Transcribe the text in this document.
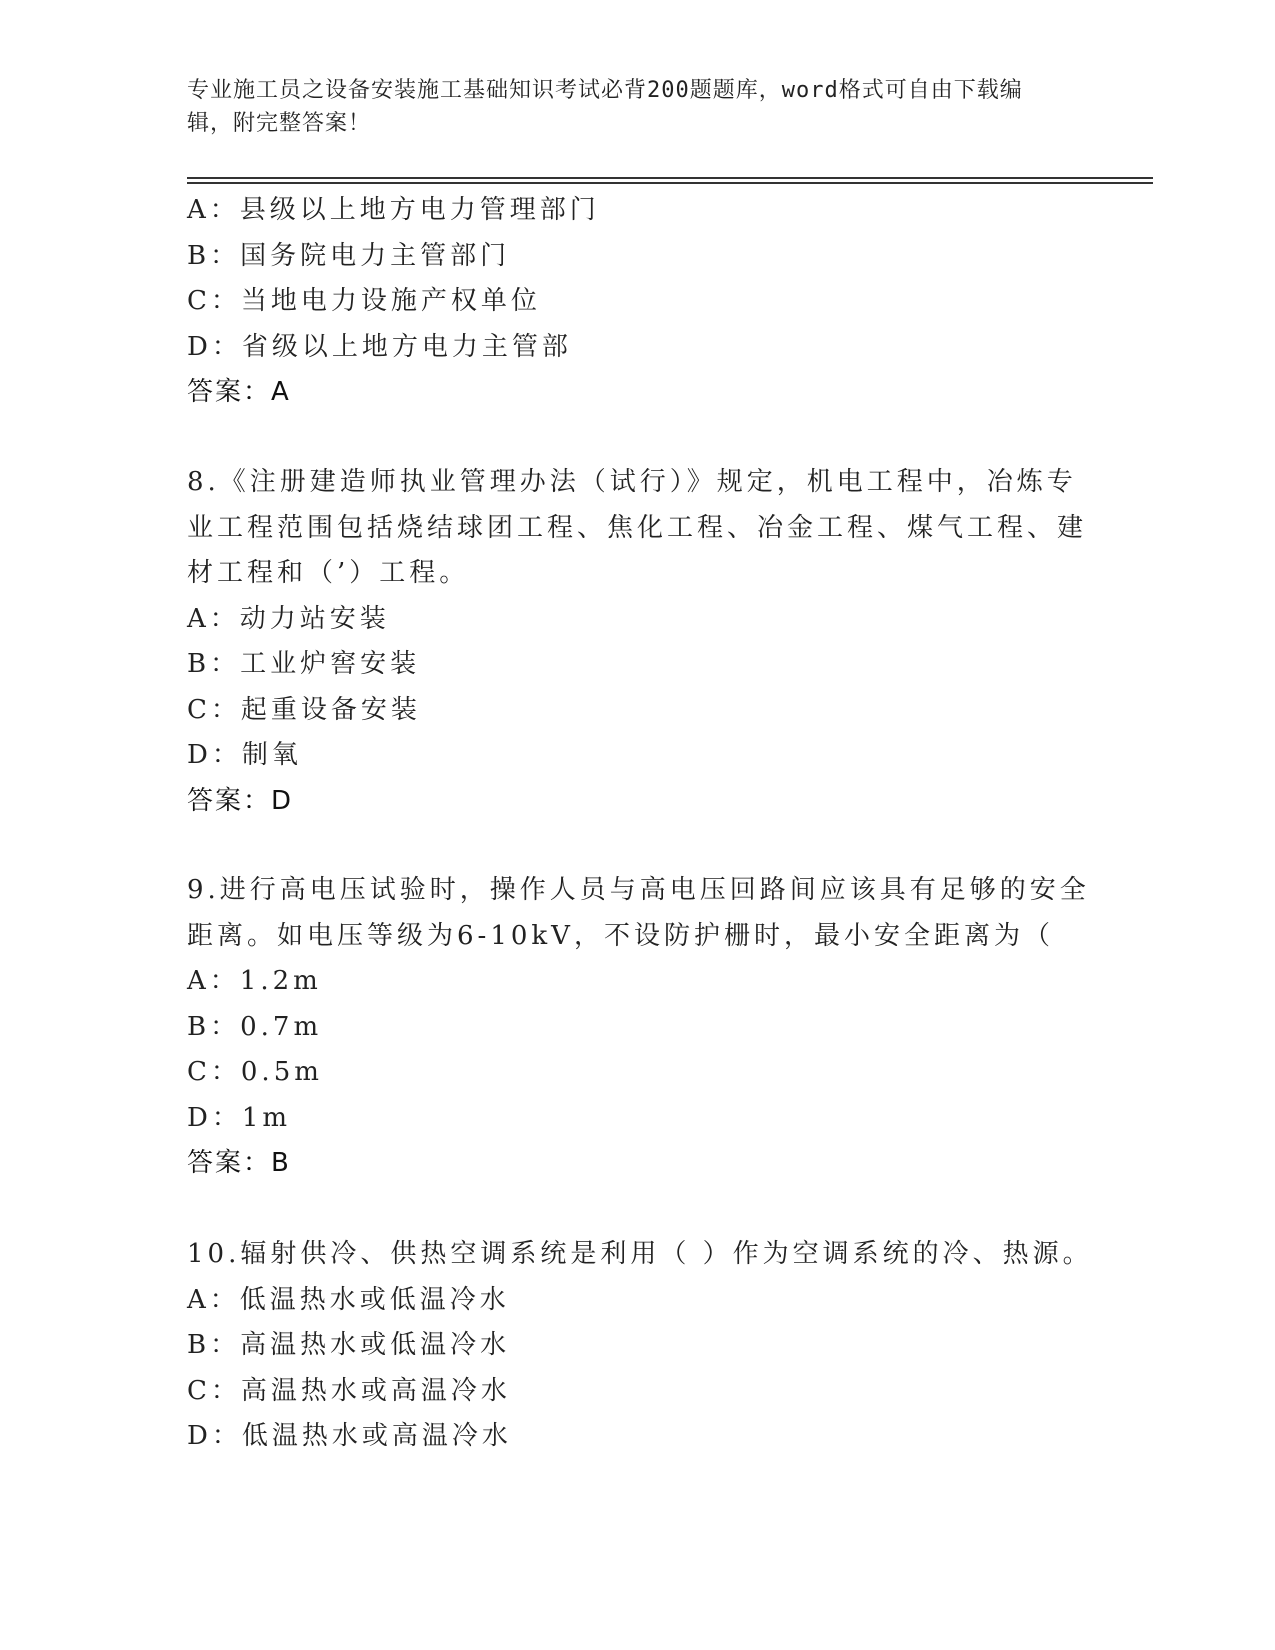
专业施工员之设备安装施工基础知识考试必背200题题库，word格式可自由下载编辑，附完整答案！
A：县级以上地方电力管理部门
B：国务院电力主管部门
C：当地电力设施产权单位
D：省级以上地方电力主管部
答案：A
8.《注册建造师执业管理办法（试行）》规定，机电工程中，冶炼专
业工程范围包括烧结球团工程、焦化工程、冶金工程、煤气工程、建
材工程和（’）工程。
A：动力站安装
B：工业炉窖安装
C：起重设备安装
D：制氧
答案：D
9.进行高电压试验时，操作人员与高电压回路间应该具有足够的安全
距离。如电压等级为6-10kV，不设防护栅时，最小安全距离为（
A：1.2m
B：0.7m
C：0.5m
D：1m
答案：B
10.辐射供冷、供热空调系统是利用（ ）作为空调系统的冷、热源。
A：低温热水或低温冷水
B：高温热水或低温冷水
C：高温热水或高温冷水
D：低温热水或高温冷水
